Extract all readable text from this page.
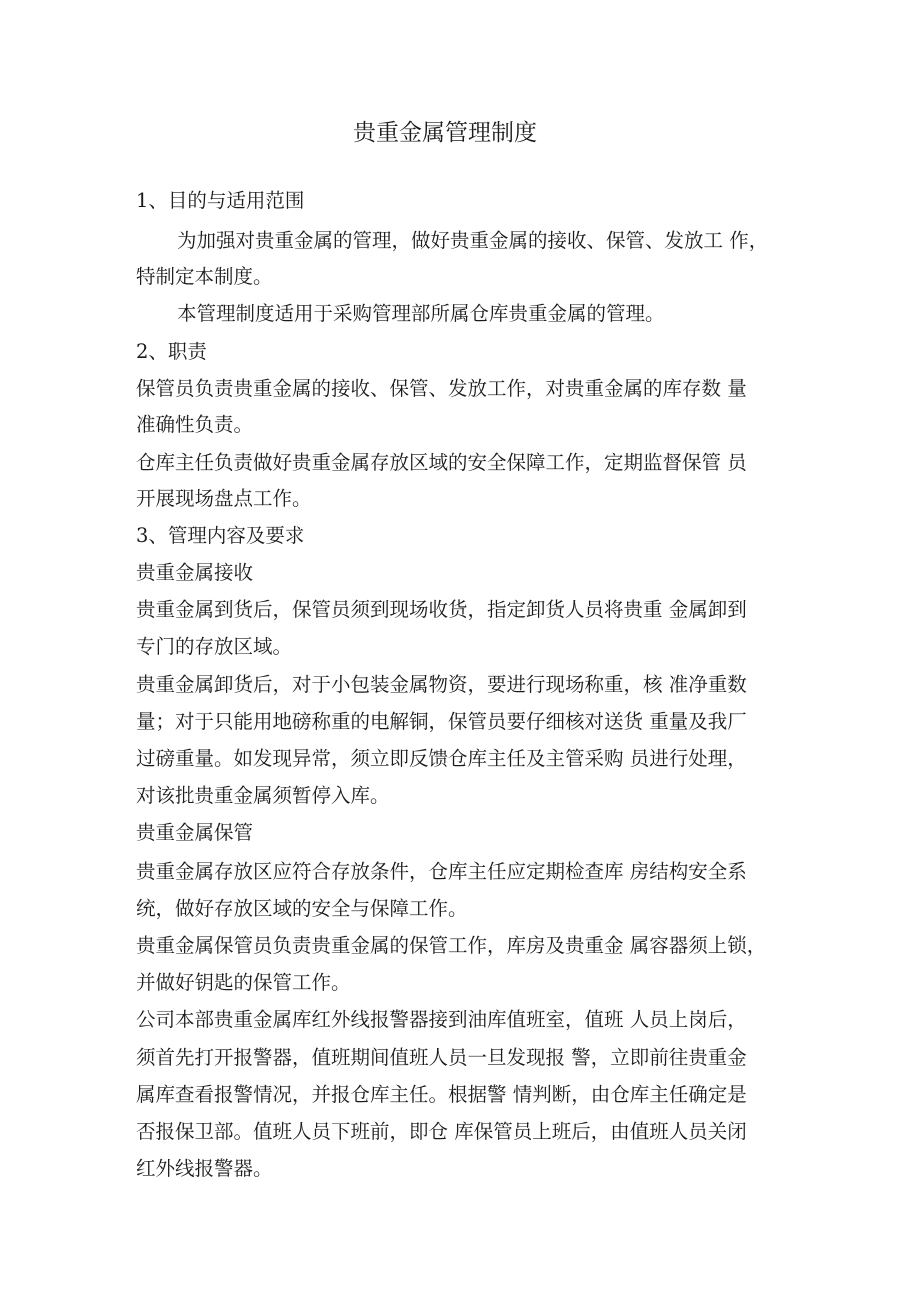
贵重金属管理制度
1、目的与适用范围
为加强对贵重金属的管理，做好贵重金属的接收、保管、发放工 作，
特制定本制度。
本管理制度适用于采购管理部所属仓库贵重金属的管理。
2、职责
保管员负责贵重金属的接收、保管、发放工作，对贵重金属的库存数 量
准确性负责。
仓库主任负责做好贵重金属存放区域的安全保障工作，定期监督保管 员
开展现场盘点工作。
3、管理内容及要求
贵重金属接收
贵重金属到货后，保管员须到现场收货，指定卸货人员将贵重 金属卸到
专门的存放区域。
贵重金属卸货后，对于小包装金属物资，要进行现场称重，核 准净重数
量；对于只能用地磅称重的电解铜，保管员要仔细核对送货 重量及我厂
过磅重量。如发现异常，须立即反馈仓库主任及主管采购 员进行处理，
对该批贵重金属须暂停入库。
贵重金属保管
贵重金属存放区应符合存放条件，仓库主任应定期检查库 房结构安全系
统，做好存放区域的安全与保障工作。
贵重金属保管员负责贵重金属的保管工作，库房及贵重金 属容器须上锁，
并做好钥匙的保管工作。
公司本部贵重金属库红外线报警器接到油库值班室，值班 人员上岗后，
须首先打开报警器，值班期间值班人员一旦发现报 警，立即前往贵重金
属库查看报警情况，并报仓库主任。根据警 情判断，由仓库主任确定是
否报保卫部。值班人员下班前，即仓 库保管员上班后，由值班人员关闭
红外线报警器。
